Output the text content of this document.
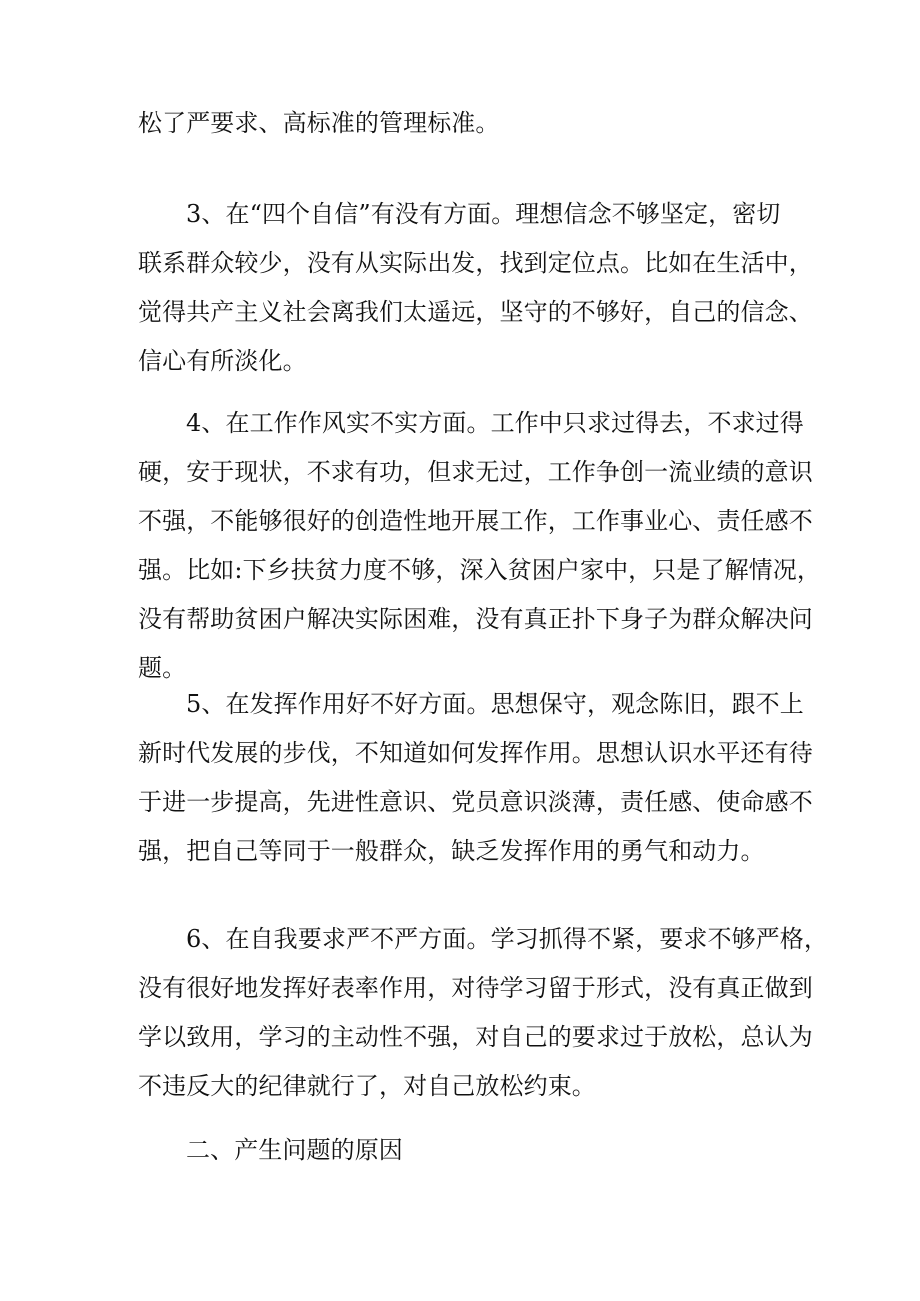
松了严要求、高标准的管理标准。
3、在“四个自信”有没有方面。理想信念不够坚定，密切
联系群众较少，没有从实际出发，找到定位点。比如在生活中，
觉得共产主义社会离我们太遥远，坚守的不够好，自己的信念、
信心有所淡化。
4、在工作作风实不实方面。工作中只求过得去，不求过得
硬，安于现状，不求有功，但求无过，工作争创一流业绩的意识
不强，不能够很好的创造性地开展工作，工作事业心、责任感不
强。比如:下乡扶贫力度不够，深入贫困户家中，只是了解情况，
没有帮助贫困户解决实际困难，没有真正扑下身子为群众解决问
题。
5、在发挥作用好不好方面。思想保守，观念陈旧，跟不上
新时代发展的步伐，不知道如何发挥作用。思想认识水平还有待
于进一步提高，先进性意识、党员意识淡薄，责任感、使命感不
强，把自己等同于一般群众，缺乏发挥作用的勇气和动力。
6、在自我要求严不严方面。学习抓得不紧，要求不够严格，
没有很好地发挥好表率作用，对待学习留于形式，没有真正做到
学以致用，学习的主动性不强，对自己的要求过于放松，总认为
不违反大的纪律就行了，对自己放松约束。
二、产生问题的原因
